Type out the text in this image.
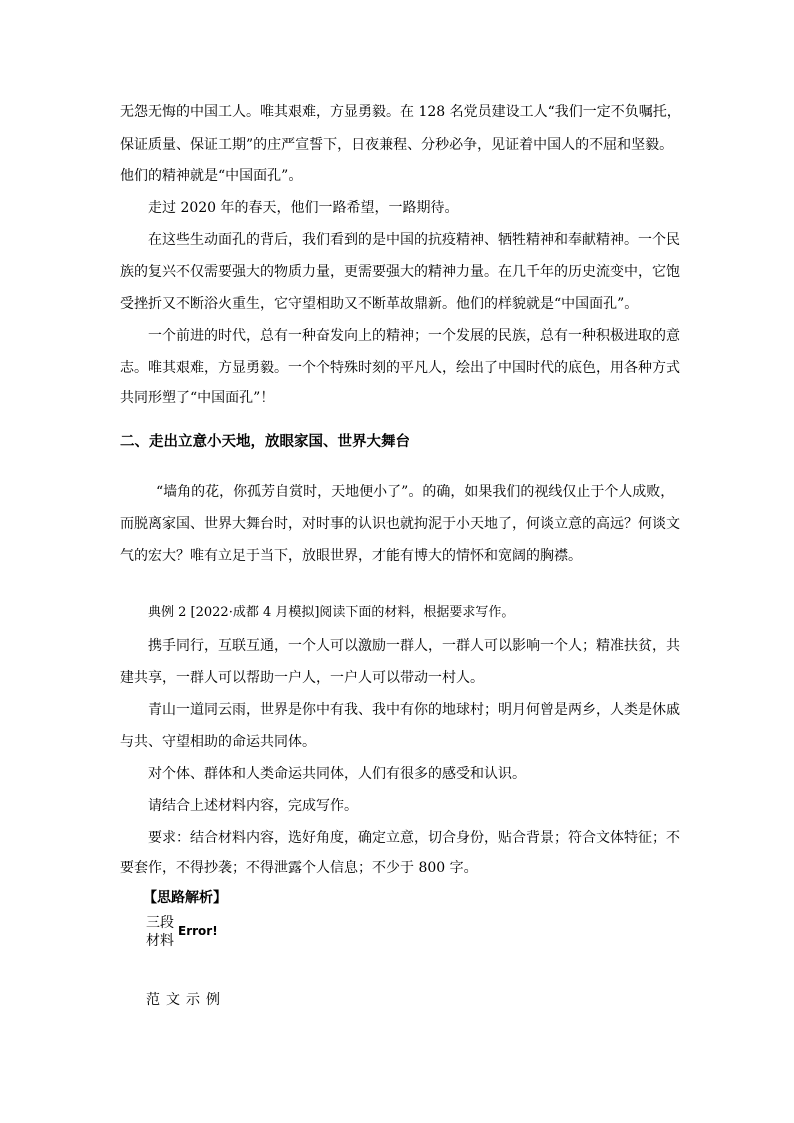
无怨无悔的中国工人。唯其艰难，方显勇毅。在 128 名党员建设工人“我们一定不负嘱托，
保证质量、保证工期”的庄严宣誓下，日夜兼程、分秒必争，见证着中国人的不屈和坚毅。
他们的精神就是“中国面孔”。
走过 2020 年的春天，他们一路希望，一路期待。
在这些生动面孔的背后，我们看到的是中国的抗疫精神、牺牲精神和奉献精神。一个民
族的复兴不仅需要强大的物质力量，更需要强大的精神力量。在几千年的历史流变中，它饱
受挫折又不断浴火重生，它守望相助又不断革故鼎新。他们的样貌就是“中国面孔”。
一个前进的时代，总有一种奋发向上的精神；一个发展的民族，总有一种积极进取的意
志。唯其艰难，方显勇毅。一个个特殊时刻的平凡人，绘出了中国时代的底色，用各种方式
共同形塑了“中国面孔”！
二、走出立意小天地，放眼家国、世界大舞台
“墙角的花，你孤芳自赏时，天地便小了”。的确，如果我们的视线仅止于个人成败，
而脱离家国、世界大舞台时，对时事的认识也就拘泥于小天地了，何谈立意的高远？何谈文
气的宏大？唯有立足于当下，放眼世界，才能有博大的情怀和宽阔的胸襟。
典例 2 [2022·成都 4 月模拟]阅读下面的材料，根据要求写作。
携手同行，互联互通，一个人可以激励一群人，一群人可以影响一个人；精准扶贫，共
建共享，一群人可以帮助一户人，一户人可以带动一村人。
青山一道同云雨，世界是你中有我、我中有你的地球村；明月何曾是两乡，人类是休戚
与共、守望相助的命运共同体。
对个体、群体和人类命运共同体，人们有很多的感受和认识。
请结合上述材料内容，完成写作。
要求：结合材料内容，选好角度，确定立意，切合身份，贴合背景；符合文体特征；不
要套作，不得抄袭；不得泄露个人信息；不少于 800 字。
【思路解析】
三段
材料
Error!
范文示例
